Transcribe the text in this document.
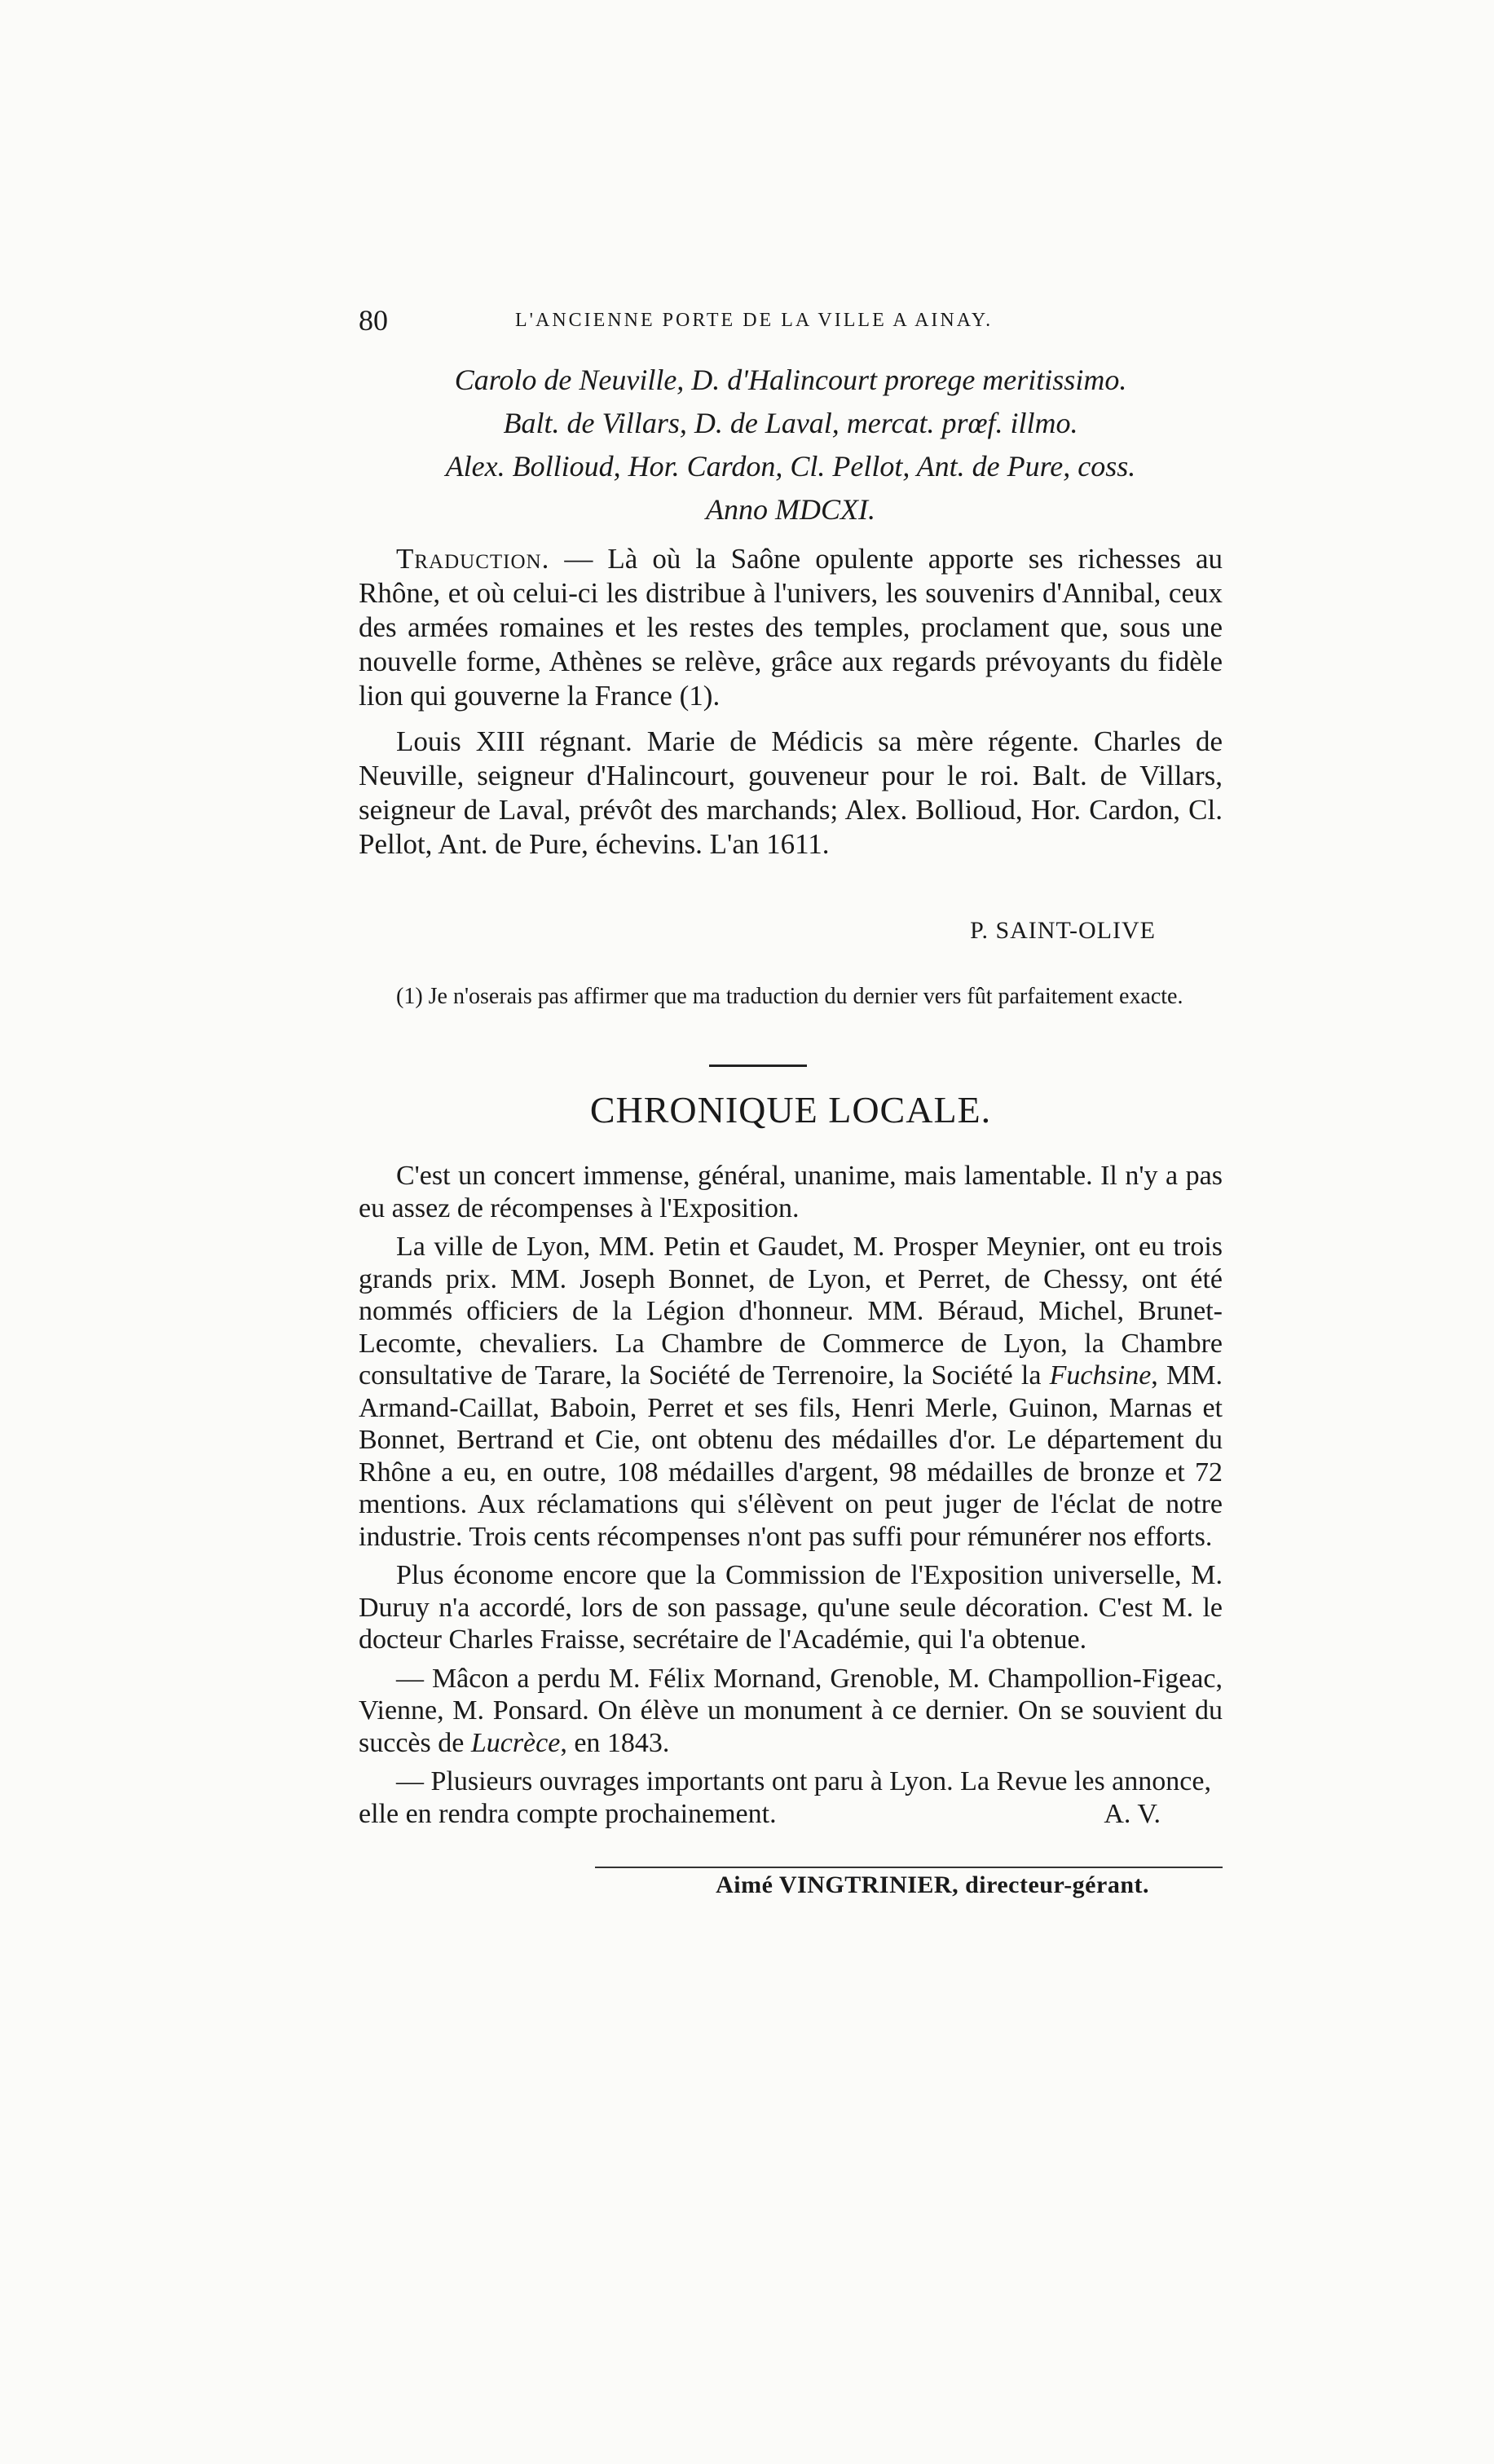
80	L'ANCIENNE PORTE DE LA VILLE A AINAY.
Carolo de Neuville, D. d'Halincourt prorege meritissimo.
Balt. de Villars, D. de Laval, mercat. prœf. illmo.
Alex. Bollioud, Hor. Cardon, Cl. Pellot, Ant. de Pure, coss.
Anno MDCXI.

Traduction. — Là où la Saône opulente apporte ses richesses au Rhône, et où celui-ci les distribue à l'univers, les souvenirs d'Annibal, ceux des armées romaines et les restes des temples, proclament que, sous une nouvelle forme, Athènes se relève, grâce aux regards prévoyants du fidèle lion qui gouverne la France (1).

Louis XIII régnant. Marie de Médicis sa mère régente. Charles de Neuville, seigneur d'Halincourt, gouveneur pour le roi. Balt. de Villars, seigneur de Laval, prévôt des marchands; Alex. Bollioud, Hor. Cardon, Cl. Pellot, Ant. de Pure, échevins. L'an 1611.

P. SAINT-OLIVE

(1) Je n'oserais pas affirmer que ma traduction du dernier vers fût parfaitement exacte.

CHRONIQUE LOCALE.

C'est un concert immense, général, unanime, mais lamentable. Il n'y a pas eu assez de récompenses à l'Exposition.

La ville de Lyon, MM. Petin et Gaudet, M. Prosper Meynier, ont eu trois grands prix. MM. Joseph Bonnet, de Lyon, et Perret, de Chessy, ont été nommés officiers de la Légion d'honneur. MM. Béraud, Michel, Brunet-Lecomte, chevaliers. La Chambre de Commerce de Lyon, la Chambre consultative de Tarare, la Société de Terrenoire, la Société la Fuchsine, MM. Armand-Caillat, Baboin, Perret et ses fils, Henri Merle, Guinon, Marnas et Bonnet, Bertrand et Cie, ont obtenu des médailles d'or. Le département du Rhône a eu, en outre, 108 médailles d'argent, 98 médailles de bronze et 72 mentions. Aux réclamations qui s'élèvent on peut juger de l'éclat de notre industrie. Trois cents récompenses n'ont pas suffi pour rémunérer nos efforts.

Plus économe encore que la Commission de l'Exposition universelle, M. Duruy n'a accordé, lors de son passage, qu'une seule décoration. C'est M. le docteur Charles Fraisse, secrétaire de l'Académie, qui l'a obtenue.

— Mâcon a perdu M. Félix Mornand, Grenoble, M. Champollion-Figeac, Vienne, M. Ponsard. On élève un monument à ce dernier. On se souvient du succès de Lucrèce, en 1843.

— Plusieurs ouvrages importants ont paru à Lyon. La Revue les annonce, elle en rendra compte prochainement.	A. V.

Aimé VINGTRINIER, directeur-gérant.
